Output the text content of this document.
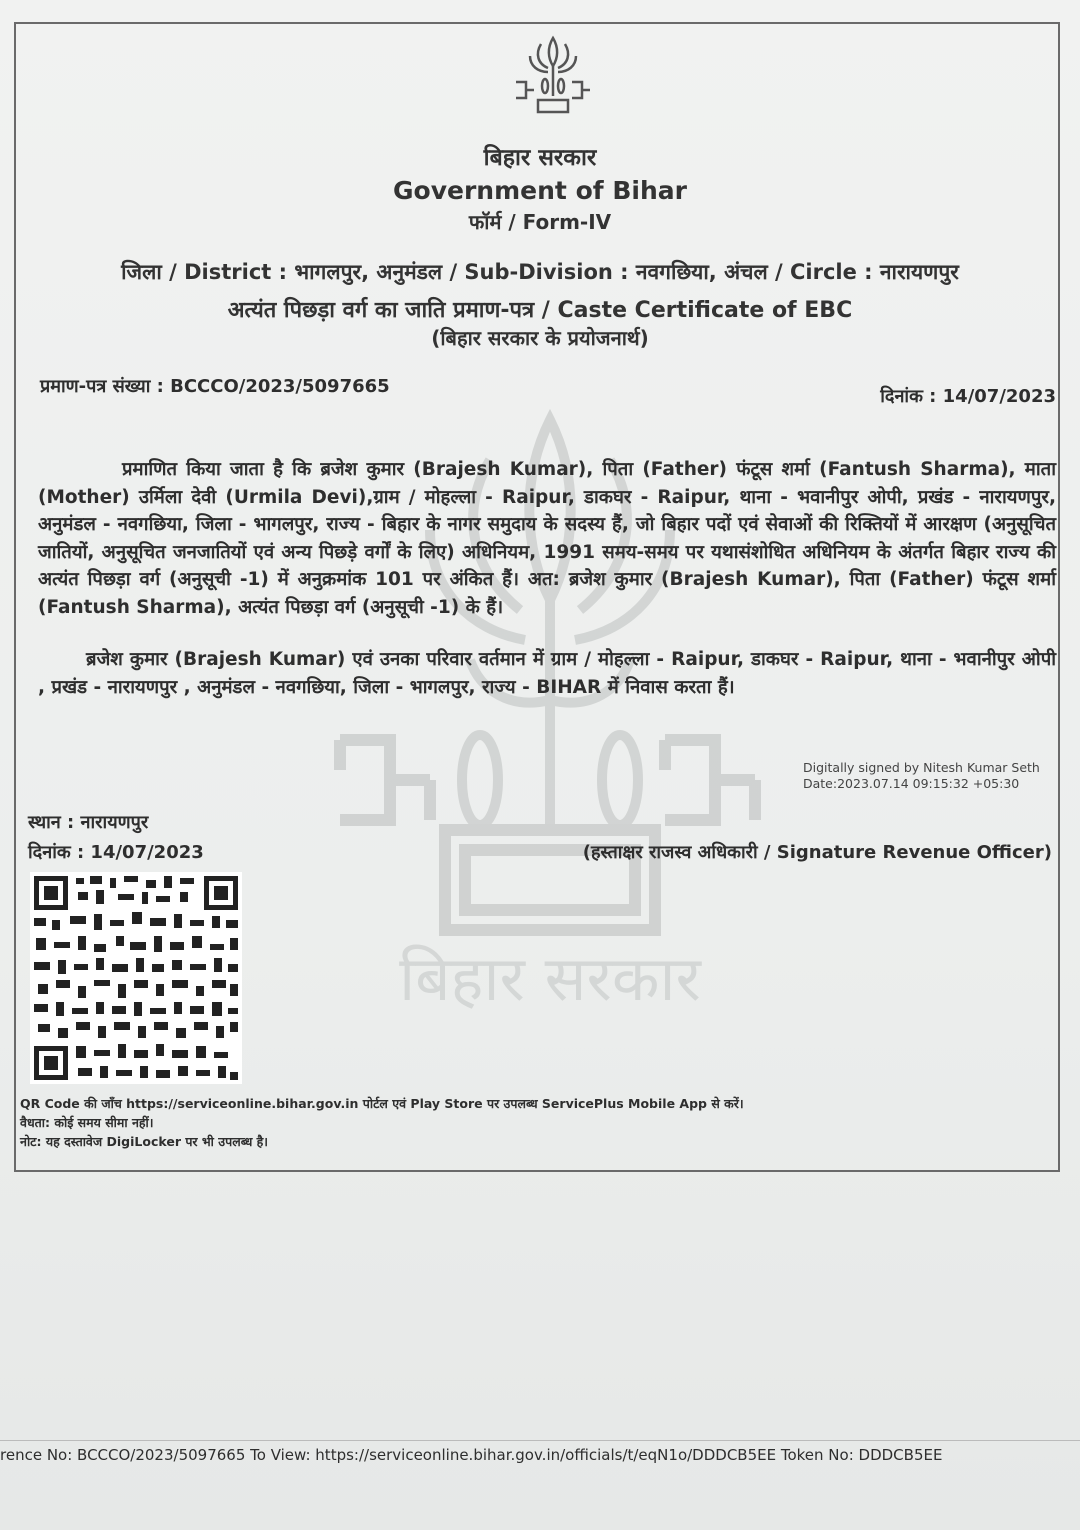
बिहार सरकार
बिहार सरकार
Government of Bihar
फॉर्म / Form-IV
जिला / District : भागलपुर, अनुमंडल / Sub-Division : नवगछिया, अंचल / Circle : नारायणपुर
अत्यंत पिछड़ा वर्ग का जाति प्रमाण-पत्र / Caste Certificate of EBC
(बिहार सरकार के प्रयोजनार्थ)
प्रमाण-पत्र संख्या : BCCCO/2023/5097665	दिनांक : 14/07/2023
प्रमाणित किया जाता है कि ब्रजेश कुमार (Brajesh Kumar), पिता (Father) फंटूस शर्मा (Fantush Sharma), माता (Mother) उर्मिला देवी (Urmila Devi),ग्राम / मोहल्ला - Raipur, डाकघर - Raipur, थाना - भवानीपुर ओपी, प्रखंड - नारायणपुर, अनुमंडल - नवगछिया, जिला - भागलपुर, राज्य - बिहार के नागर समुदाय के सदस्य हैं, जो बिहार पदों एवं सेवाओं की रिक्तियों में आरक्षण (अनुसूचित जातियों, अनुसूचित जनजातियों एवं अन्य पिछड़े वर्गों के लिए) अधिनियम, 1991 समय-समय पर यथासंशोधित अधिनियम के अंतर्गत बिहार राज्य की अत्यंत पिछड़ा वर्ग (अनुसूची -1) में अनुक्रमांक 101 पर अंकित हैं। अत: ब्रजेश कुमार (Brajesh Kumar), पिता (Father) फंटूस शर्मा (Fantush Sharma), अत्यंत पिछड़ा वर्ग (अनुसूची -1) के हैं।
ब्रजेश कुमार (Brajesh Kumar) एवं उनका परिवार वर्तमान में ग्राम / मोहल्ला - Raipur, डाकघर - Raipur, थाना - भवानीपुर ओपी , प्रखंड - नारायणपुर , अनुमंडल - नवगछिया, जिला - भागलपुर, राज्य - BIHAR में निवास करता हैं।
Digitally signed by Nitesh Kumar Seth
Date:2023.07.14 09:15:32 +05:30
स्थान : नारायणपुर
दिनांक : 14/07/2023	(हस्ताक्षर राजस्व अधिकारी / Signature Revenue Officer)
QR Code की जाँच https://serviceonline.bihar.gov.in पोर्टल एवं Play Store पर उपलब्ध ServicePlus Mobile App से करें।
वैधता: कोई समय सीमा नहीं।
नोट: यह दस्तावेज DigiLocker पर भी उपलब्ध है।
rence No: BCCCO/2023/5097665 To View: https://serviceonline.bihar.gov.in/officials/t/eqN1o/DDDCB5EE Token No: DDDCB5EE
